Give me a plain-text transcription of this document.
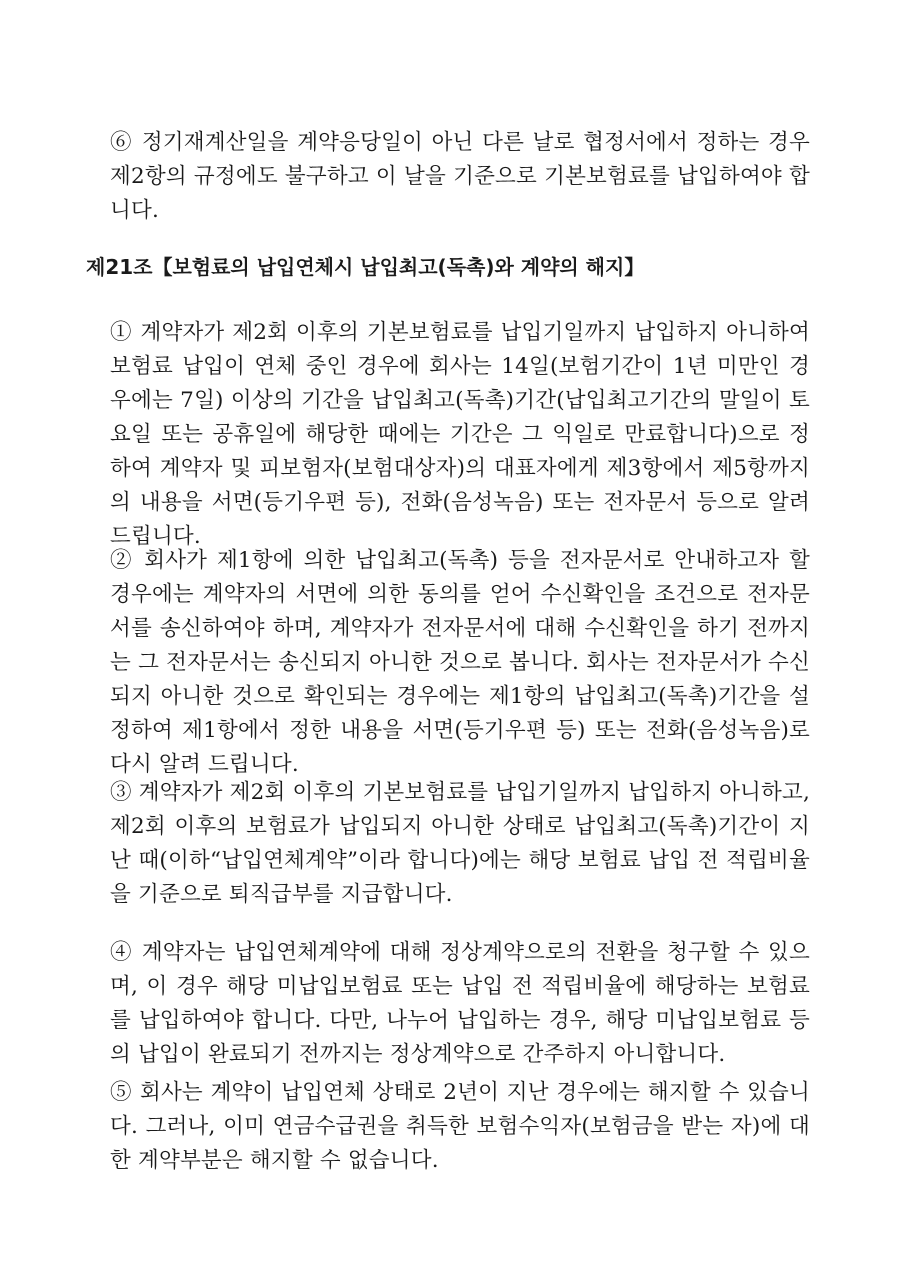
⑥ 정기재계산일을 계약응당일이 아닌 다른 날로 협정서에서 정하는 경우 제2항의 규정에도 불구하고 이 날을 기준으로 기본보험료를 납입하여야 합니다.

제21조【보험료의 납입연체시 납입최고(독촉)와 계약의 해지】

① 계약자가 제2회 이후의 기본보험료를 납입기일까지 납입하지 아니하여 보험료 납입이 연체 중인 경우에 회사는 14일(보험기간이 1년 미만인 경우에는 7일) 이상의 기간을 납입최고(독촉)기간(납입최고기간의 말일이 토요일 또는 공휴일에 해당한 때에는 기간은 그 익일로 만료합니다)으로 정하여 계약자 및 피보험자(보험대상자)의 대표자에게 제3항에서 제5항까지의 내용을 서면(등기우편 등), 전화(음성녹음) 또는 전자문서 등으로 알려드립니다.

② 회사가 제1항에 의한 납입최고(독촉) 등을 전자문서로 안내하고자 할 경우에는 계약자의 서면에 의한 동의를 얻어 수신확인을 조건으로 전자문서를 송신하여야 하며, 계약자가 전자문서에 대해 수신확인을 하기 전까지는 그 전자문서는 송신되지 아니한 것으로 봅니다. 회사는 전자문서가 수신되지 아니한 것으로 확인되는 경우에는 제1항의 납입최고(독촉)기간을 설정하여 제1항에서 정한 내용을 서면(등기우편 등) 또는 전화(음성녹음)로 다시 알려 드립니다.

③ 계약자가 제2회 이후의 기본보험료를 납입기일까지 납입하지 아니하고, 제2회 이후의 보험료가 납입되지 아니한 상태로 납입최고(독촉)기간이 지난 때(이하“납입연체계약”이라 합니다)에는 해당 보험료 납입 전 적립비율을 기준으로 퇴직급부를 지급합니다.

④ 계약자는 납입연체계약에 대해 정상계약으로의 전환을 청구할 수 있으며, 이 경우 해당 미납입보험료 또는 납입 전 적립비율에 해당하는 보험료를 납입하여야 합니다. 다만, 나누어 납입하는 경우, 해당 미납입보험료 등의 납입이 완료되기 전까지는 정상계약으로 간주하지 아니합니다.

⑤ 회사는 계약이 납입연체 상태로 2년이 지난 경우에는 해지할 수 있습니다. 그러나, 이미 연금수급권을 취득한 보험수익자(보험금을 받는 자)에 대한 계약부분은 해지할 수 없습니다.
